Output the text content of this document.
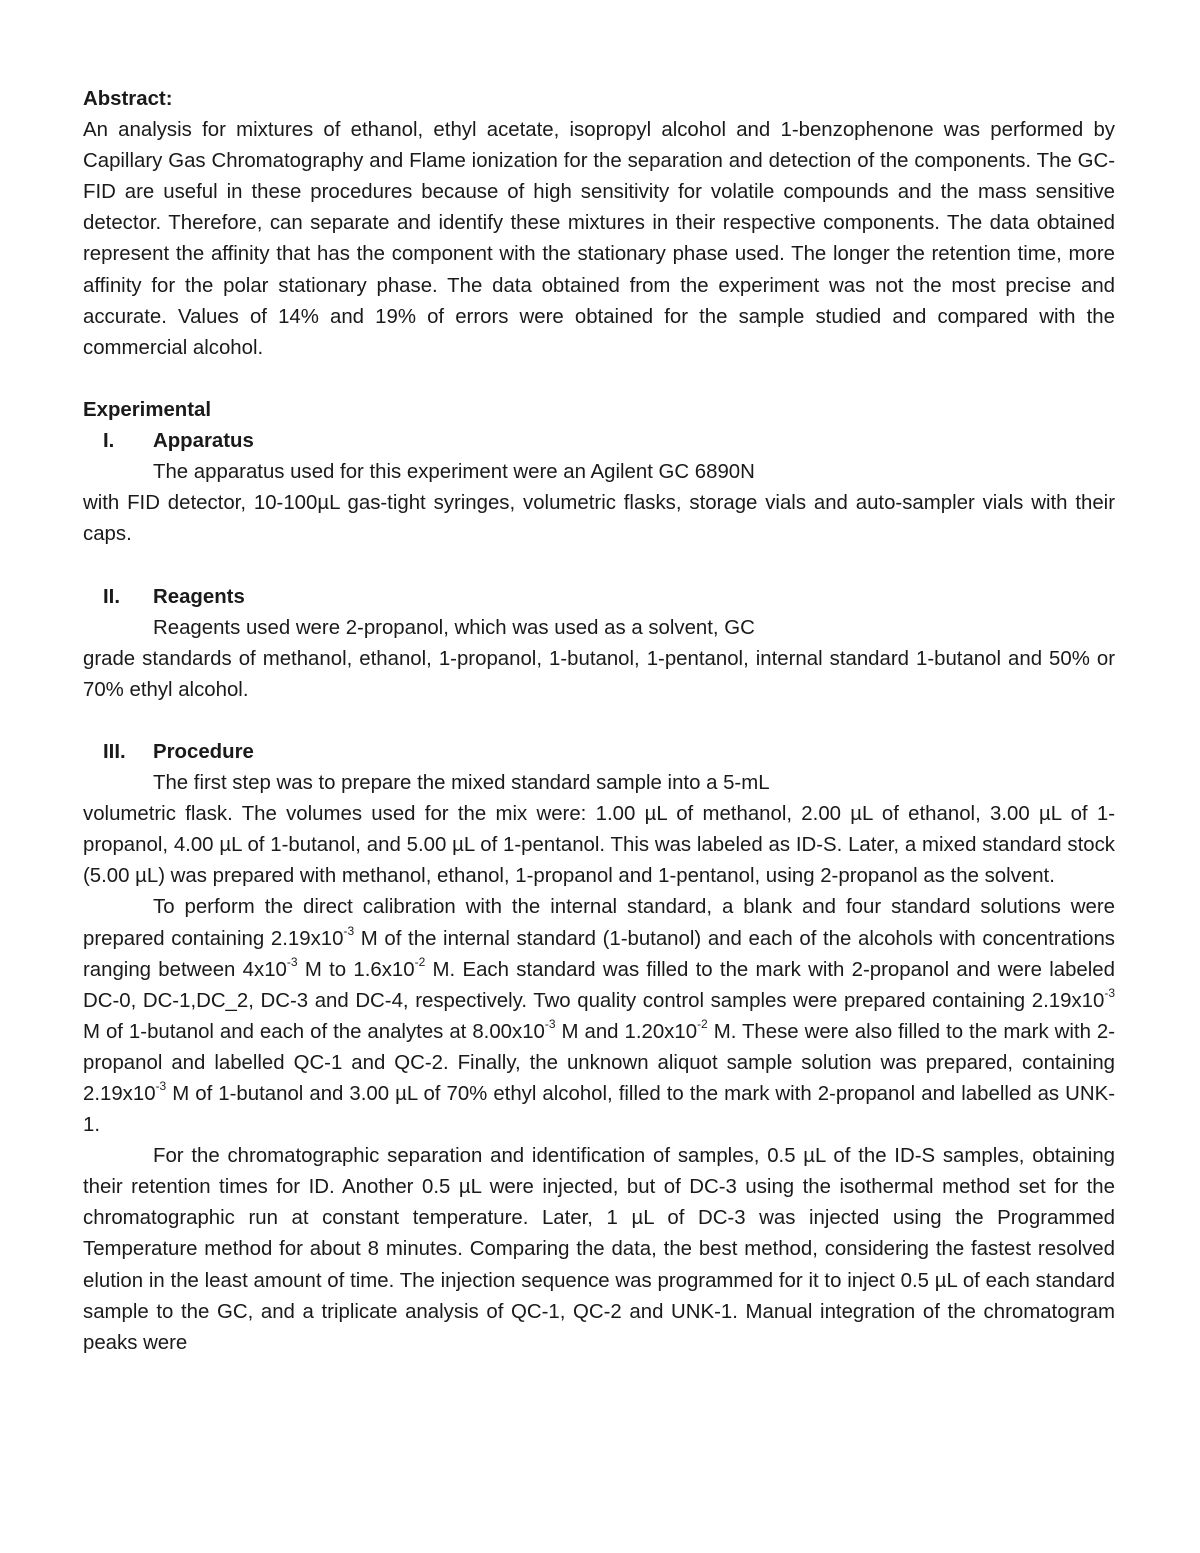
Abstract:

An analysis for mixtures of ethanol, ethyl acetate, isopropyl alcohol and 1-benzophenone was performed by Capillary Gas Chromatography and Flame ionization for the separation and detection of the components. The GC- FID are useful in these procedures because of high sensitivity for volatile compounds and the mass sensitive detector. Therefore, can separate and identify these mixtures in their respective components. The data obtained represent the affinity that has the component with the stationary phase used. The longer the retention time, more affinity for the polar stationary phase. The data obtained from the experiment was not the most precise and accurate. Values of 14% and 19% of errors were obtained for the sample studied and compared with the commercial alcohol.

Experimental

I.	Apparatus

The apparatus used for this experiment were an Agilent GC 6890N

with FID detector, 10-100µL gas-tight syringes, volumetric flasks, storage vials and auto-sampler vials with their caps.

II.	Reagents

Reagents used were 2-propanol, which was used as a solvent, GC

grade standards of methanol, ethanol, 1-propanol, 1-butanol, 1-pentanol, internal standard 1-butanol and 50% or 70% ethyl alcohol.

III.	Procedure

The first step was to prepare the mixed standard sample into a 5-mL

volumetric flask. The volumes used for the mix were: 1.00 µL of methanol, 2.00 µL of ethanol, 3.00 µL of 1-propanol, 4.00 µL of 1-butanol, and 5.00 µL of 1-pentanol. This was labeled as ID-S. Later, a mixed standard stock (5.00 µL) was prepared with methanol, ethanol, 1-propanol and 1-pentanol, using 2-propanol as the solvent.

To perform the direct calibration with the internal standard, a blank and four standard solutions were prepared containing $2.19x10^{-3}$ M of the internal standard (1-butanol) and each of the alcohols with concentrations ranging between $4x10^{-3}$ M to $1.6x10^{-2}$ M. Each standard was filled to the mark with 2-propanol and were labeled DC-0, DC-1,DC_2, DC-3 and DC-4, respectively. Two quality control samples were prepared containing $2.19x10^{-3}$ M of 1-butanol and each of the analytes at $8.00x10^{-3}$ M and $1.20x10^{-2}$ M. These were also filled to the mark with 2-propanol and labelled QC-1 and QC-2. Finally, the unknown aliquot sample solution was prepared, containing $2.19x10^{-3}$ M of 1-butanol and 3.00 µL of 70% ethyl alcohol, filled to the mark with 2-propanol and labelled as UNK-1.

For the chromatographic separation and identification of samples, 0.5 µL of the ID-S samples, obtaining their retention times for ID. Another 0.5 µL were injected, but of DC-3 using the isothermal method set for the chromatographic run at constant temperature. Later, 1 µL of DC-3 was injected using the Programmed Temperature method for about 8 minutes. Comparing the data, the best method, considering the fastest resolved elution in the least amount of time. The injection sequence was programmed for it to inject 0.5 µL of each standard sample to the GC, and a triplicate analysis of QC-1, QC-2 and UNK-1. Manual integration of the chromatogram peaks were
